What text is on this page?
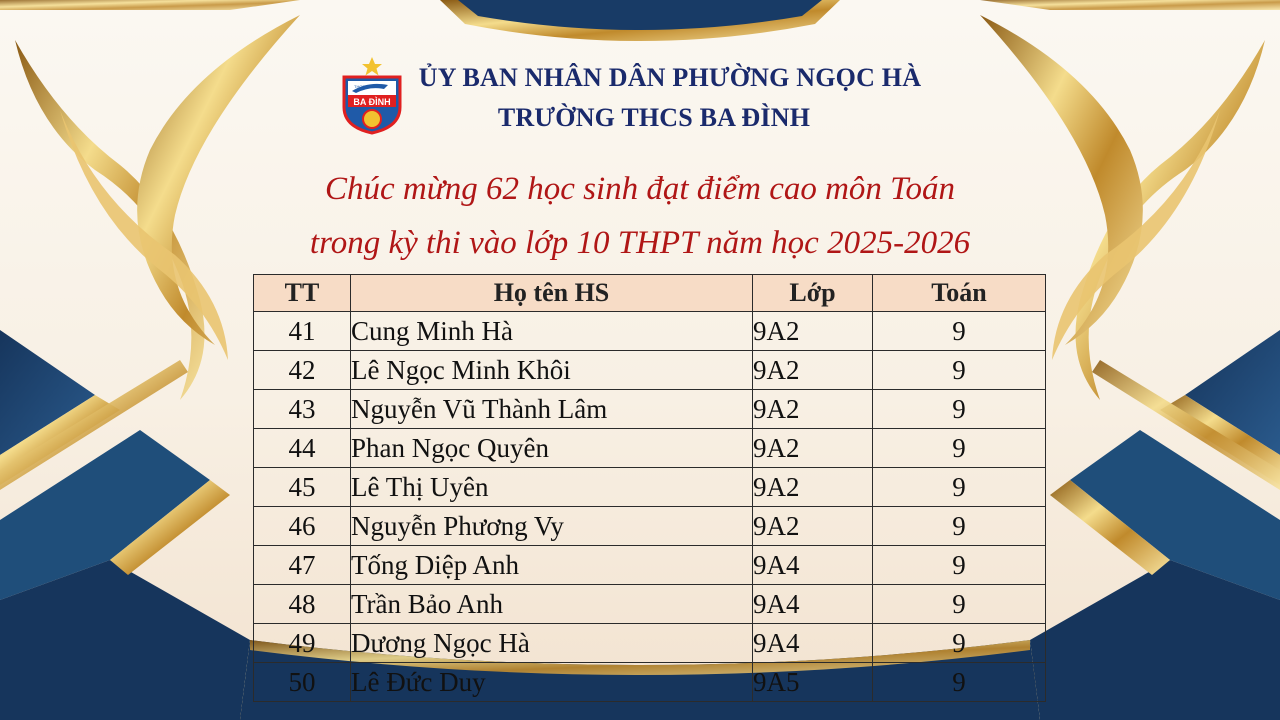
BA ĐÌNH
THCS	ỦY BAN NHÂN DÂN PHƯỜNG NGỌC HÀ
TRƯỜNG THCS BA ĐÌNH
Chúc mừng 62 học sinh đạt điểm cao môn Toán
trong kỳ thi vào lớp 10 THPT năm học 2025-2026
TT	Họ tên HS	Lớp	Toán
41	Cung Minh Hà	9A2	9
42	Lê Ngọc Minh Khôi	9A2	9
43	Nguyễn Vũ Thành Lâm	9A2	9
44	Phan Ngọc Quyên	9A2	9
45	Lê Thị Uyên	9A2	9
46	Nguyễn Phương Vy	9A2	9
47	Tống Diệp Anh	9A4	9
48	Trần Bảo Anh	9A4	9
49	Dương Ngọc Hà	9A4	9
50	Lê Đức Duy	9A5	9
